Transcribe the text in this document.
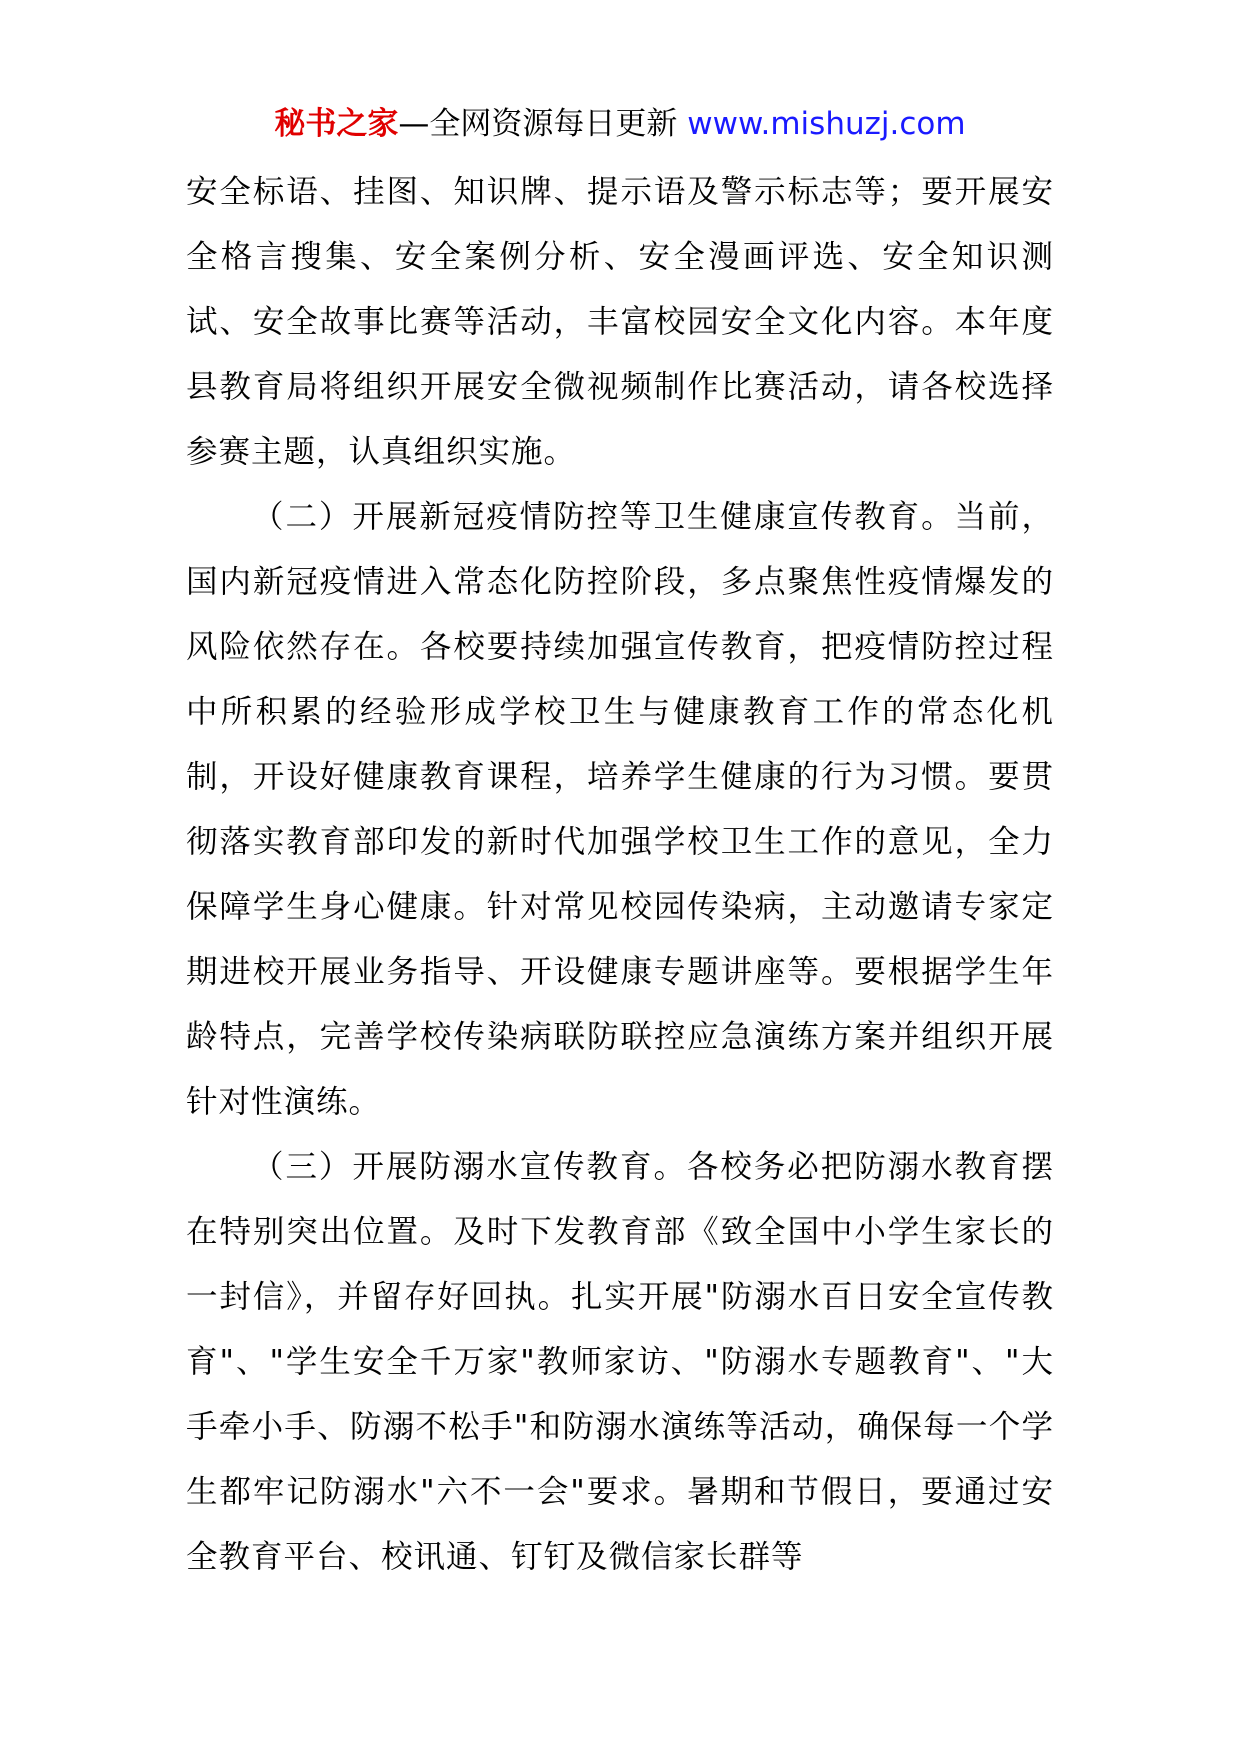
秘书之家—全网资源每日更新 www.mishuzj.com

安全标语、挂图、知识牌、提示语及警示标志等；要开展安全格言搜集、安全案例分析、安全漫画评选、安全知识测试、安全故事比赛等活动，丰富校园安全文化内容。本年度县教育局将组织开展安全微视频制作比赛活动，请各校选择参赛主题，认真组织实施。

（二）开展新冠疫情防控等卫生健康宣传教育。当前，国内新冠疫情进入常态化防控阶段，多点聚焦性疫情爆发的风险依然存在。各校要持续加强宣传教育，把疫情防控过程中所积累的经验形成学校卫生与健康教育工作的常态化机制，开设好健康教育课程，培养学生健康的行为习惯。要贯彻落实教育部印发的新时代加强学校卫生工作的意见，全力保障学生身心健康。针对常见校园传染病，主动邀请专家定期进校开展业务指导、开设健康专题讲座等。要根据学生年龄特点，完善学校传染病联防联控应急演练方案并组织开展针对性演练。

（三）开展防溺水宣传教育。各校务必把防溺水教育摆在特别突出位置。及时下发教育部《致全国中小学生家长的一封信》，并留存好回执。扎实开展"防溺水百日安全宣传教育"、"学生安全千万家"教师家访、"防溺水专题教育"、"大手牵小手、防溺不松手"和防溺水演练等活动，确保每一个学生都牢记防溺水"六不一会"要求。暑期和节假日，要通过安全教育平台、校讯通、钉钉及微信家长群等
